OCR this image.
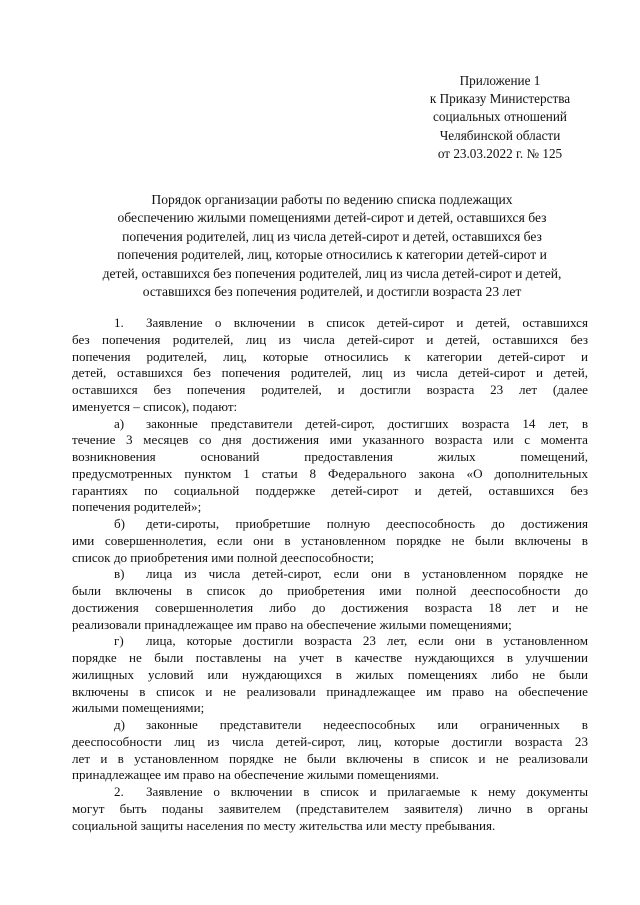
Приложение 1
к Приказу Министерства
социальных отношений
Челябинской области
от 23.03.2022 г. № 125
Порядок организации работы по ведению списка подлежащих
обеспечению жилыми помещениями детей-сирот и детей, оставшихся без
попечения родителей, лиц из числа детей-сирот и детей, оставшихся без
попечения родителей, лиц, которые относились к категории детей-сирот и
детей, оставшихся без попечения родителей, лиц из числа детей-сирот и детей,
оставшихся без попечения родителей, и достигли возраста 23 лет
1. Заявление о включении в список детей-сирот и детей, оставшихся
без попечения родителей, лиц из числа детей-сирот и детей, оставшихся без
попечения родителей, лиц, которые относились к категории детей-сирот и
детей, оставшихся без попечения родителей, лиц из числа детей-сирот и детей,
оставшихся без попечения родителей, и достигли возраста 23 лет (далее
именуется – список), подают:
а) законные представители детей-сирот, достигших возраста 14 лет, в
течение 3 месяцев со дня достижения ими указанного возраста или с момента
возникновения оснований предоставления жилых помещений,
предусмотренных пунктом 1 статьи 8 Федерального закона «О дополнительных
гарантиях по социальной поддержке детей-сирот и детей, оставшихся без
попечения родителей»;
б) дети-сироты, приобретшие полную дееспособность до достижения
ими совершеннолетия, если они в установленном порядке не были включены в
список до приобретения ими полной дееспособности;
в) лица из числа детей-сирот, если они в установленном порядке не
были включены в список до приобретения ими полной дееспособности до
достижения совершеннолетия либо до достижения возраста 18 лет и не
реализовали принадлежащее им право на обеспечение жилыми помещениями;
г) лица, которые достигли возраста 23 лет, если они в установленном
порядке не были поставлены на учет в качестве нуждающихся в улучшении
жилищных условий или нуждающихся в жилых помещениях либо не были
включены в список и не реализовали принадлежащее им право на обеспечение
жилыми помещениями;
д) законные представители недееспособных или ограниченных в
дееспособности лиц из числа детей-сирот, лиц, которые достигли возраста 23
лет и в установленном порядке не были включены в список и не реализовали
принадлежащее им право на обеспечение жилыми помещениями.
2. Заявление о включении в список и прилагаемые к нему документы
могут быть поданы заявителем (представителем заявителя) лично в органы
социальной защиты населения по месту жительства или месту пребывания.
